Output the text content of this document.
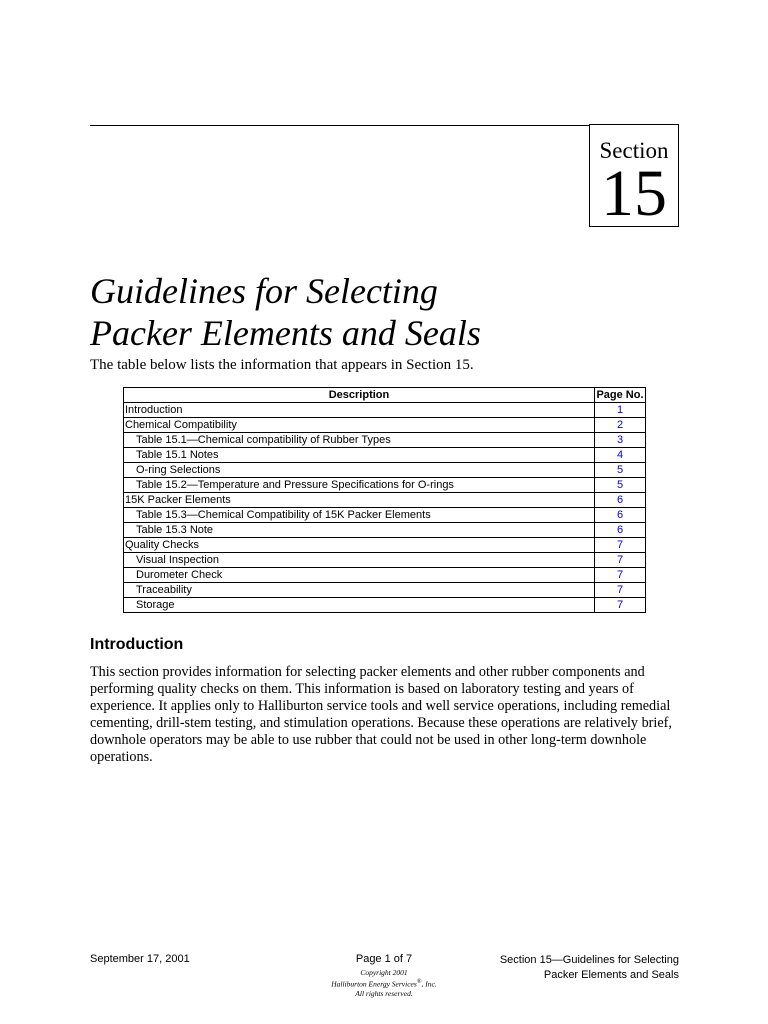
Section
15
Guidelines for Selecting
Packer Elements and Seals

The table below lists the information that appears in Section 15.

Description	Page No.
Introduction	1
Chemical Compatibility	2
Table 15.1—Chemical compatibility of Rubber Types	3
Table 15.1 Notes	4
O-ring Selections	5
Table 15.2—Temperature and Pressure Specifications for O-rings	5
15K Packer Elements	6
Table 15.3—Chemical Compatibility of 15K Packer Elements	6
Table 15.3 Note	6
Quality Checks	7
Visual Inspection	7
Durometer Check	7
Traceability	7
Storage	7
Introduction

This section provides information for selecting packer elements and other rubber components and performing quality checks on them. This information is based on laboratory testing and years of experience. It applies only to Halliburton service tools and well service operations, including remedial cementing, drill-stem testing, and stimulation operations. Because these operations are relatively brief, downhole operators may be able to use rubber that could not be used in other long-term downhole operations.

September 17, 2001	Page 1 of 7
Copyright 2001
Halliburton Energy Services®, Inc.
All rights reserved.
Section 15—Guidelines for Selecting
Packer Elements and Seals
